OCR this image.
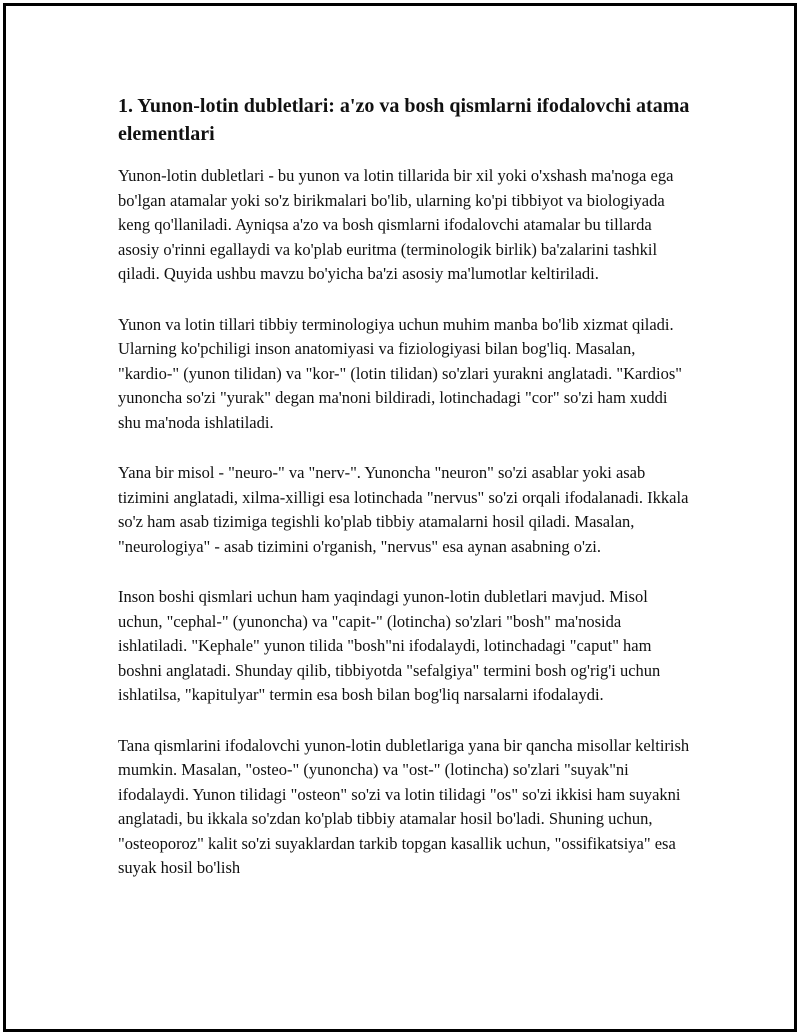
1. Yunon-lotin dubletlari: a'zo va bosh qismlarni ifodalovchi atama elementlari

Yunon-lotin dubletlari - bu yunon va lotin tillarida bir xil yoki o'xshash ma'noga ega bo'lgan atamalar yoki so'z birikmalari bo'lib, ularning ko'pi tibbiyot va biologiyada keng qo'llaniladi. Ayniqsa a'zo va bosh qismlarni ifodalovchi atamalar bu tillarda asosiy o'rinni egallaydi va ko'plab euritma (terminologik birlik) ba'zalarini tashkil qiladi. Quyida ushbu mavzu bo'yicha ba'zi asosiy ma'lumotlar keltiriladi.

Yunon va lotin tillari tibbiy terminologiya uchun muhim manba bo'lib xizmat qiladi. Ularning ko'pchiligi inson anatomiyasi va fiziologiyasi bilan bog'liq. Masalan, "kardio-" (yunon tilidan) va "kor-" (lotin tilidan) so'zlari yurakni anglatadi. "Kardios" yunoncha so'zi "yurak" degan ma'noni bildiradi, lotinchadagi "cor" so'zi ham xuddi shu ma'noda ishlatiladi.

Yana bir misol - "neuro-" va "nerv-". Yunoncha "neuron" so'zi asablar yoki asab tizimini anglatadi, xilma-xilligi esa lotinchada "nervus" so'zi orqali ifodalanadi. Ikkala so'z ham asab tizimiga tegishli ko'plab tibbiy atamalarni hosil qiladi. Masalan, "neurologiya" - asab tizimini o'rganish, "nervus" esa aynan asabning o'zi.

Inson boshi qismlari uchun ham yaqindagi yunon-lotin dubletlari mavjud. Misol uchun, "cephal-" (yunoncha) va "capit-" (lotincha) so'zlari "bosh" ma'nosida ishlatiladi. "Kephale" yunon tilida "bosh"ni ifodalaydi, lotinchadagi "caput" ham boshni anglatadi. Shunday qilib, tibbiyotda "sefalgiya" termini bosh og'rig'i uchun ishlatilsa, "kapitulyar" termin esa bosh bilan bog'liq narsalarni ifodalaydi.

Tana qismlarini ifodalovchi yunon-lotin dubletlariga yana bir qancha misollar keltirish mumkin. Masalan, "osteo-" (yunoncha) va "ost-" (lotincha) so'zlari "suyak"ni ifodalaydi. Yunon tilidagi "osteon" so'zi va lotin tilidagi "os" so'zi ikkisi ham suyakni anglatadi, bu ikkala so'zdan ko'plab tibbiy atamalar hosil bo'ladi. Shuning uchun, "osteoporoz" kalit so'zi suyaklardan tarkib topgan kasallik uchun, "ossifikatsiya" esa suyak hosil bo'lish
